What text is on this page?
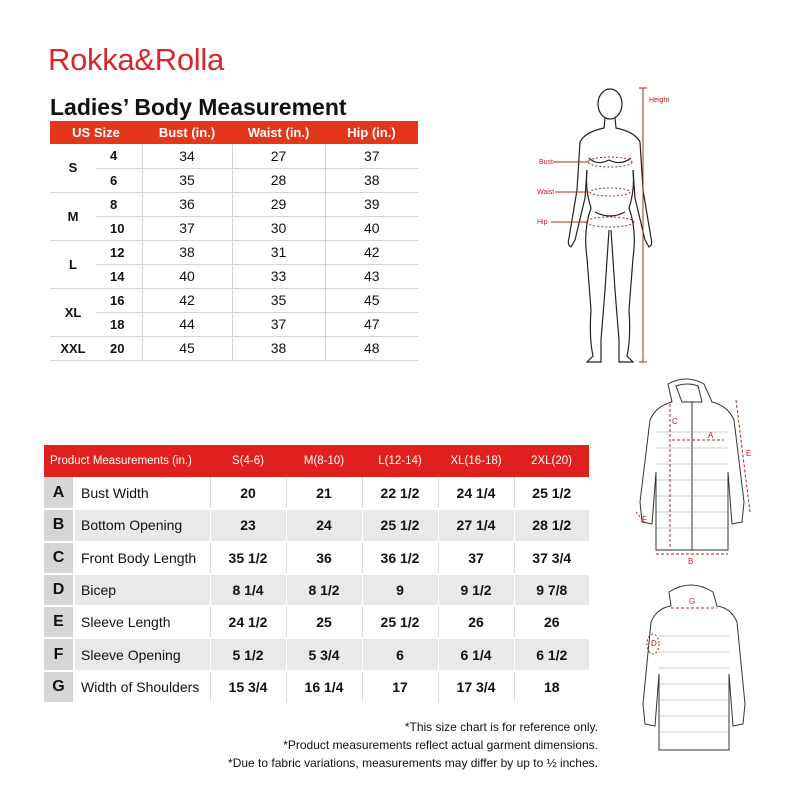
Rokka&Rolla
Ladies’ Body Measurement
US Size		Bust (in.)	Waist (in.)	Hip (in.)
S	4	34	27	37
	6	35	28	38
M	8	36	29	39
	10	37	30	40
L	12	38	31	42
	14	40	33	43
XL	16	42	35	45
	18	44	37	47
XXL	20	45	38	48
Height
Bust
Waist
Hip
Product Measurements (in.)		S(4-6)	M(8-10)	L(12-14)	XL(16-18)	2XL(20)
A	Bust Width	20	21	22 1/2	24 1/4	25 1/2
B	Bottom Opening	23	24	25 1/2	27 1/4	28 1/2
C	Front Body Length	35 1/2	36	36 1/2	37	37 3/4
D	Bicep	8 1/4	8 1/2	9	9 1/2	9 7/8
E	Sleeve Length	24 1/2	25	25 1/2	26	26
F	Sleeve Opening	5 1/2	5 3/4	6	6 1/4	6 1/2
G	Width of Shoulders	15 3/4	16 1/4	17	17 3/4	18
C
A
E
F
B
G
D
*This size chart is for reference only.
*Product measurements reflect actual garment dimensions.
*Due to fabric variations, measurements may differ by up to ½ inches.
